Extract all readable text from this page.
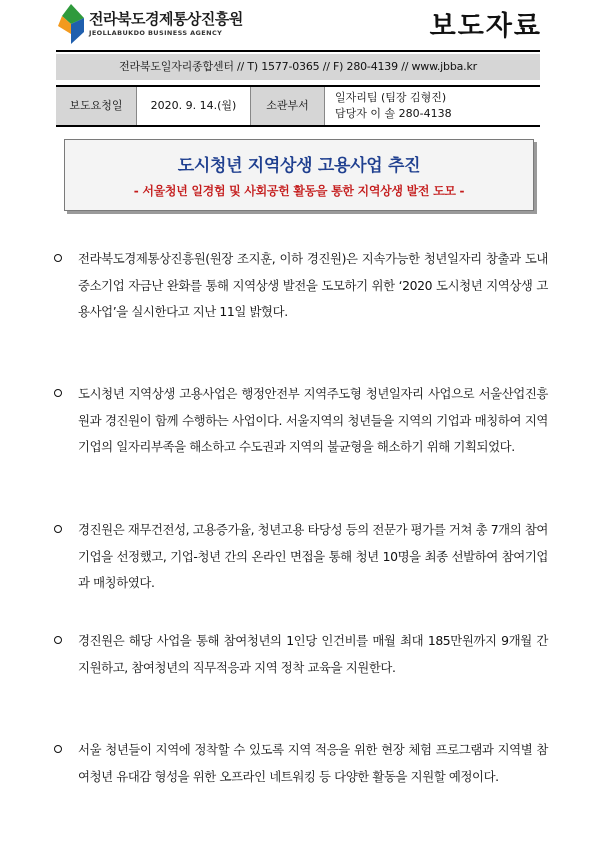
전라북도경제통상진흥원
JEOLLABUKDO BUSINESS AGENCY	보도자료
전라북도일자리종합센터 // T) 1577-0365 // F) 280-4139 // www.jbba.kr
보도요청일	2020. 9. 14.(월)	소관부서
일자리팀 (팀장 김형진)
담당자 이 솔 280-4138
도시청년 지역상생 고용사업 추진
- 서울청년 일경험 및 사회공헌 활동을 통한 지역상생 발전 도모 -
전라북도경제통상진흥원(원장 조지훈, 이하 경진원)은 지속가능한 청년일자리 창출과 도내 중소기업 자금난 완화를 통해 지역상생 발전을 도모하기 위한 ‘2020 도시청년 지역상생 고용사업’을 실시한다고 지난 11일 밝혔다.
도시청년 지역상생 고용사업은 행정안전부 지역주도형 청년일자리 사업으로 서울산업진흥원과 경진원이 함께 수행하는 사업이다. 서울지역의 청년들을 지역의 기업과 매칭하여 지역 기업의 일자리부족을 해소하고 수도권과 지역의 불균형을 해소하기 위해 기획되었다.
경진원은 재무건전성, 고용증가율, 청년고용 타당성 등의 전문가 평가를 거쳐 총 7개의 참여기업을 선정했고, 기업-청년 간의 온라인 면접을 통해 청년 10명을 최종 선발하여 참여기업과 매칭하였다.
경진원은 해당 사업을 통해 참여청년의 1인당 인건비를 매월 최대 185만원까지 9개월 간 지원하고, 참여청년의 직무적응과 지역 정착 교육을 지원한다.
서울 청년들이 지역에 정착할 수 있도록 지역 적응을 위한 현장 체험 프로그램과 지역별 참여청년 유대감 형성을 위한 오프라인 네트워킹 등 다양한 활동을 지원할 예정이다.
